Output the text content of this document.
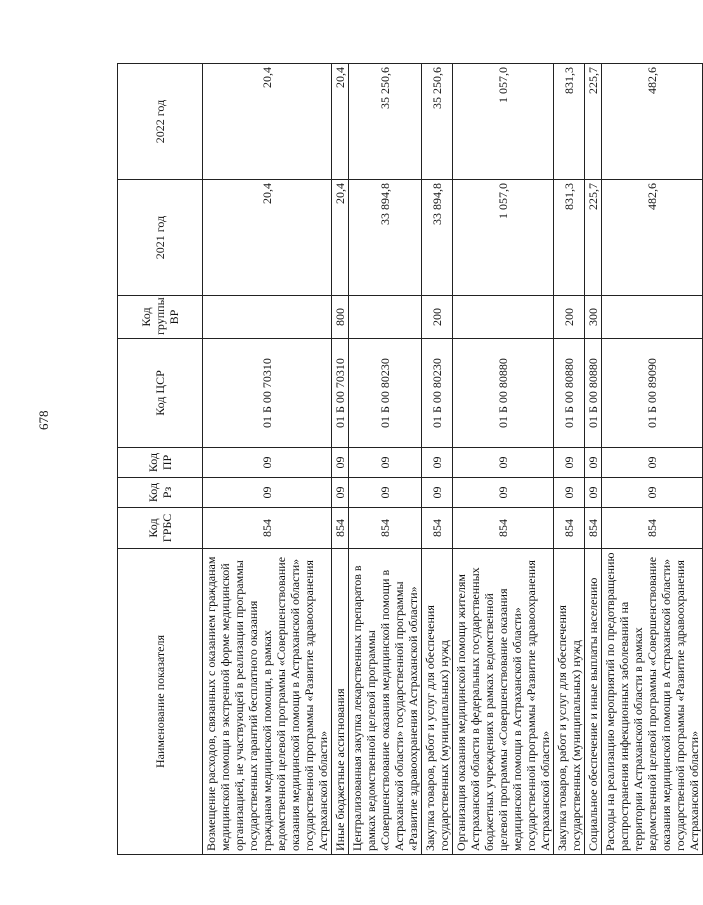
678
Наименование показателя	Код ГРБС	Код Рз	Код ПР	Код ЦСР	Код группы ВР	2021 год	2022 год
Возмещение расходов, связанных с оказанием гражданам медицинской помощи в экстренной форме медицинской организацией, не участвующей в реализации программы государственных гарантий бесплатного оказания гражданам медицинской помощи, в рамках ведомственной целевой программы «Совершенствование оказания медицинской помощи в Астраханской области» государственной программы «Развитие здравоохранения Астраханской области»	854	09	09	01 Б 00 70310		20,4	20,4
Иные бюджетные ассигнования	854	09	09	01 Б 00 70310	800	20,4	20,4
Централизованная закупка лекарственных препаратов в рамках ведомственной целевой программы «Совершенствование оказания медицинской помощи в Астраханской области» государственной программы «Развитие здравоохранения Астраханской области»	854	09	09	01 Б 00 80230		33 894,8	35 250,6
Закупка товаров, работ и услуг для обеспечения государственных (муниципальных) нужд	854	09	09	01 Б 00 80230	200	33 894,8	35 250,6
Организация оказания медицинской помощи жителям Астраханской области в федеральных государственных бюджетных учреждениях в рамках ведомственной целевой программы «Совершенствование оказания медицинской помощи в Астраханской области» государственной программы «Развитие здравоохранения Астраханской области»	854	09	09	01 Б 00 80880		1 057,0	1 057,0
Закупка товаров, работ и услуг для обеспечения государственных (муниципальных) нужд	854	09	09	01 Б 00 80880	200	831,3	831,3
Социальное обеспечение и иные выплаты населению	854	09	09	01 Б 00 80880	300	225,7	225,7
Расходы на реализацию мероприятий по предотвращению распространения инфекционных заболеваний на территории Астраханской области в рамках ведомственной целевой программы «Совершенствование оказания медицинской помощи в Астраханской области» государственной программы «Развитие здравоохранения Астраханской области»	854	09	09	01 Б 00 89090		482,6	482,6
